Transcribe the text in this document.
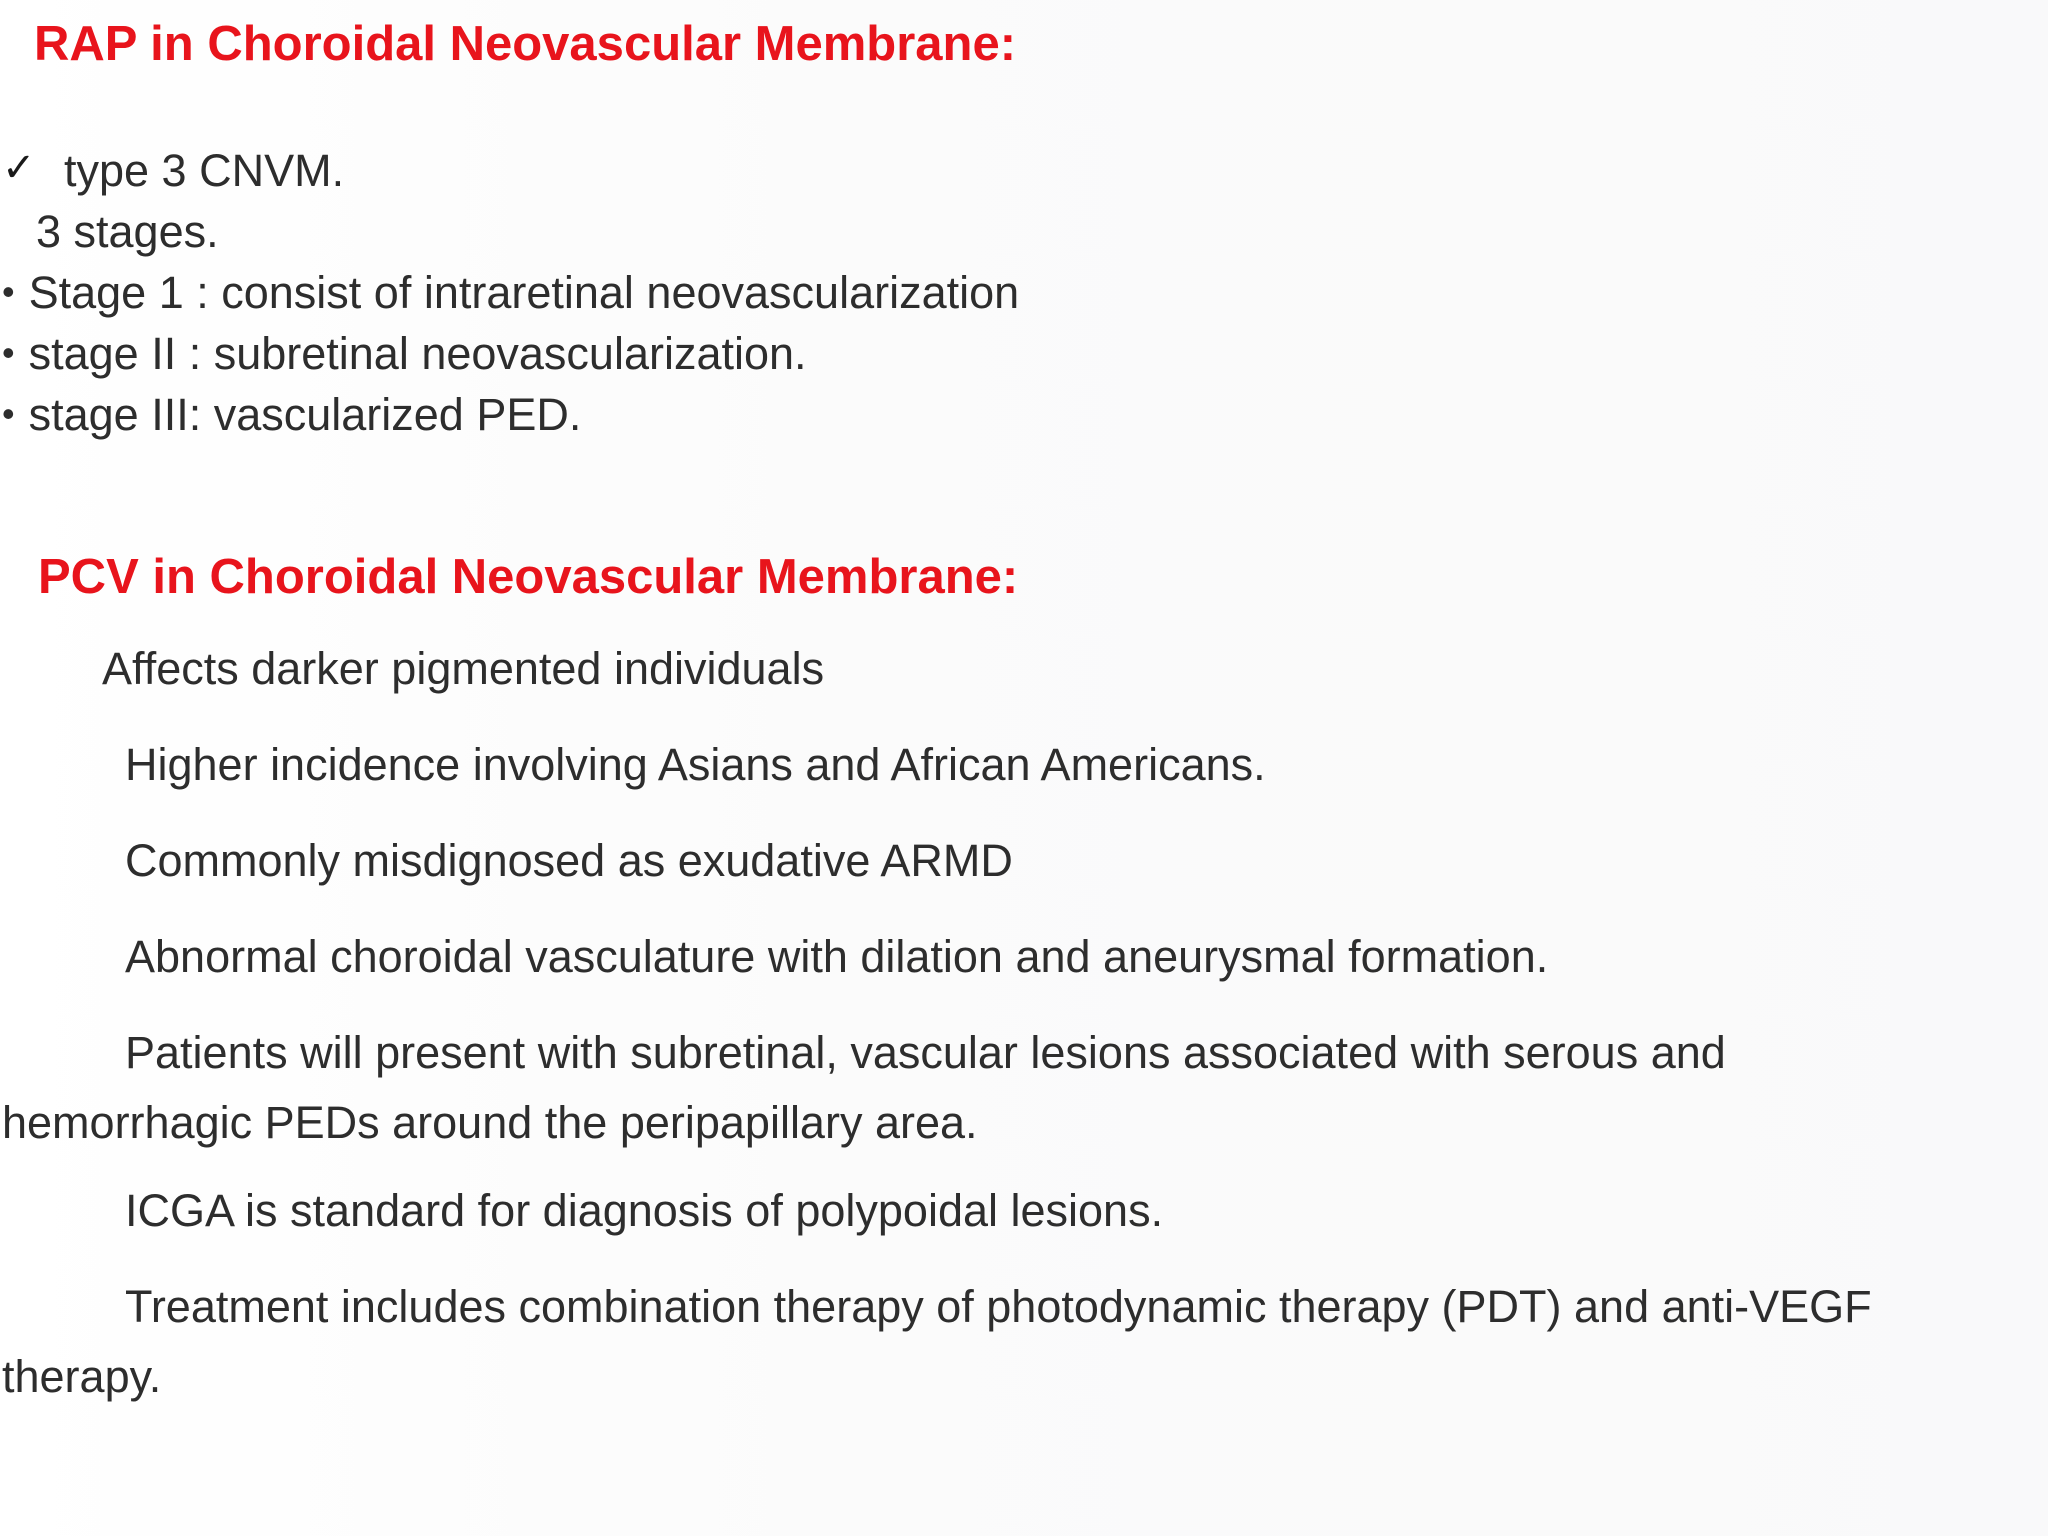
RAP in Choroidal Neovascular Membrane:
✓ type 3 CNVM.
3 stages.
• Stage 1 : consist of intraretinal neovascularization
• stage II : subretinal neovascularization.
• stage III: vascularized PED.
PCV in Choroidal Neovascular Membrane:
Affects darker pigmented individuals
Higher incidence involving Asians and African Americans.
Commonly misdignosed as exudative ARMD
Abnormal choroidal vasculature with dilation and aneurysmal formation.
Patients will present with subretinal, vascular lesions associated with serous and
hemorrhagic PEDs around the peripapillary area.
ICGA is standard for diagnosis of polypoidal lesions.
Treatment includes combination therapy of photodynamic therapy (PDT) and anti-VEGF
therapy.
